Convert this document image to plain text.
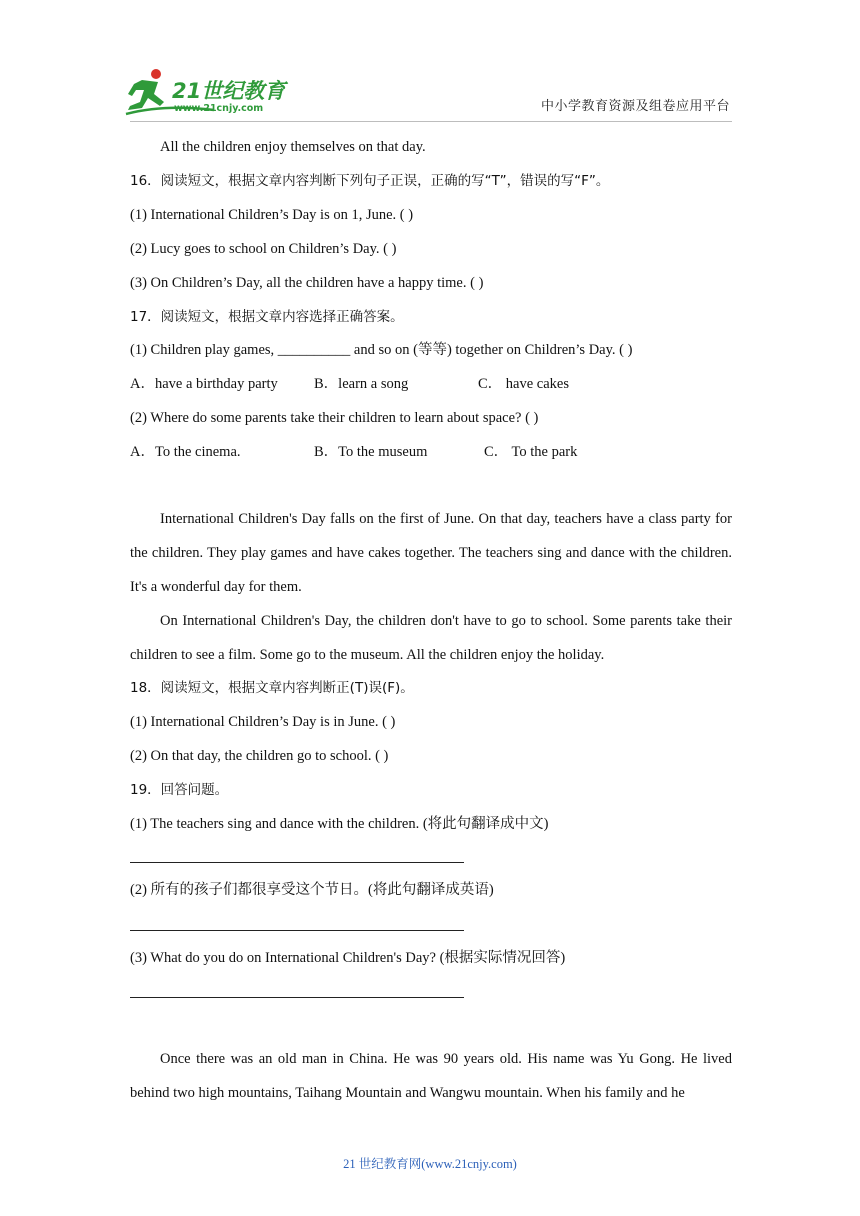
21世纪教育
www.21cnjy.com	中小学教育资源及组卷应用平台
All the children enjoy themselves on that day.
16．阅读短文，根据文章内容判断下列句子正误，正确的写“T”，错误的写“F”。
(1) International Children’s Day is on 1, June. ( )
(2) Lucy goes to school on Children’s Day. ( )
(3) On Children’s Day, all the children have a happy time. ( )
17．阅读短文，根据文章内容选择正确答案。
(1) Children play games, __________ and so on (等等) together on Children’s Day. ( )
A．have a birthday party B．learn a song	C． have cakes
(2) Where do some parents take their children to learn about space? ( )
A．To the cinema.	B．To the museum	C． To the park
International Children's Day falls on the first of June. On that day, teachers have a class party for the children. They play games and have cakes together. The teachers sing and dance with the children. It's a wonderful day for them.
On International Children's Day, the children don't have to go to school. Some parents take their children to see a film. Some go to the museum. All the children enjoy the holiday.
18．阅读短文，根据文章内容判断正(T)误(F)。
(1) International Children’s Day is in June. ( )
(2) On that day, the children go to school. ( )
19．回答问题。
(1) The teachers sing and dance with the children. (将此句翻译成中文)
(2) 所有的孩子们都很享受这个节日。(将此句翻译成英语)
(3) What do you do on International Children's Day? (根据实际情况回答)
Once there was an old man in China. He was 90 years old. His name was Yu Gong. He lived behind two high mountains, Taihang Mountain and Wangwu mountain. When his family and he
21 世纪教育网(www.21cnjy.com)
